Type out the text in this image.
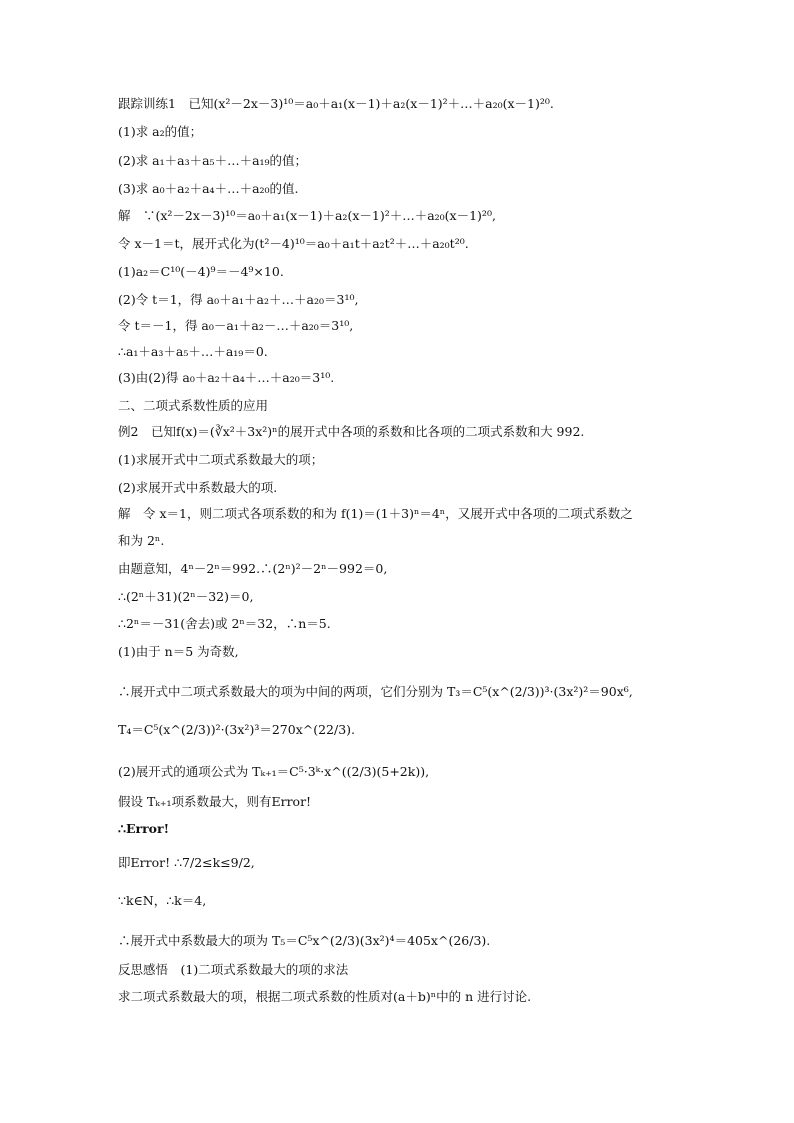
跟踪训练1　已知(x²－2x－3)¹⁰＝a₀＋a₁(x－1)＋a₂(x－1)²＋…＋a₂₀(x－1)²⁰.
(1)求 a₂的值；
(2)求 a₁＋a₃＋a₅＋…＋a₁₉的值；
(3)求 a₀＋a₂＋a₄＋…＋a₂₀的值.
解　∵(x²－2x－3)¹⁰＝a₀＋a₁(x－1)＋a₂(x－1)²＋…＋a₂₀(x－1)²⁰,
令 x－1＝t，展开式化为(t²－4)¹⁰＝a₀＋a₁t＋a₂t²＋…＋a₂₀t²⁰.
(1)a₂＝C¹⁰(－4)⁹＝－4⁹×10.
(2)令 t＝1，得 a₀＋a₁＋a₂＋…＋a₂₀＝3¹⁰,
令 t＝－1，得 a₀－a₁＋a₂－…＋a₂₀＝3¹⁰,
∴a₁＋a₃＋a₅＋…＋a₁₉＝0.
(3)由(2)得 a₀＋a₂＋a₄＋…＋a₂₀＝3¹⁰.
二、二项式系数性质的应用
例2　已知f(x)＝(∛x²＋3x²)ⁿ的展开式中各项的系数和比各项的二项式系数和大 992.
(1)求展开式中二项式系数最大的项；
(2)求展开式中系数最大的项.
解　令 x＝1，则二项式各项系数的和为 f(1)＝(1＋3)ⁿ＝4ⁿ，又展开式中各项的二项式系数之
和为 2ⁿ.
由题意知，4ⁿ－2ⁿ＝992.∴(2ⁿ)²－2ⁿ－992＝0,
∴(2ⁿ＋31)(2ⁿ－32)＝0,
∴2ⁿ＝－31(舍去)或 2ⁿ＝32，∴n＝5.
(1)由于 n＝5 为奇数,
∴展开式中二项式系数最大的项为中间的两项，它们分别为 T₃＝C⁵(x^(2/3))³·(3x²)²＝90x⁶,
T₄＝C⁵(x^(2/3))²·(3x²)³＝270x^(22/3).
(2)展开式的通项公式为 Tₖ₊₁＝C⁵·3ᵏ·x^((2/3)(5+2k)),
假设 Tₖ₊₁项系数最大，则有Error!
∴Error!
即Error! ∴7/2≤k≤9/2,
∵k∈N，∴k＝4,
∴展开式中系数最大的项为 T₅＝C⁵x^(2/3)(3x²)⁴＝405x^(26/3).
反思感悟　(1)二项式系数最大的项的求法
求二项式系数最大的项，根据二项式系数的性质对(a＋b)ⁿ中的 n 进行讨论.
